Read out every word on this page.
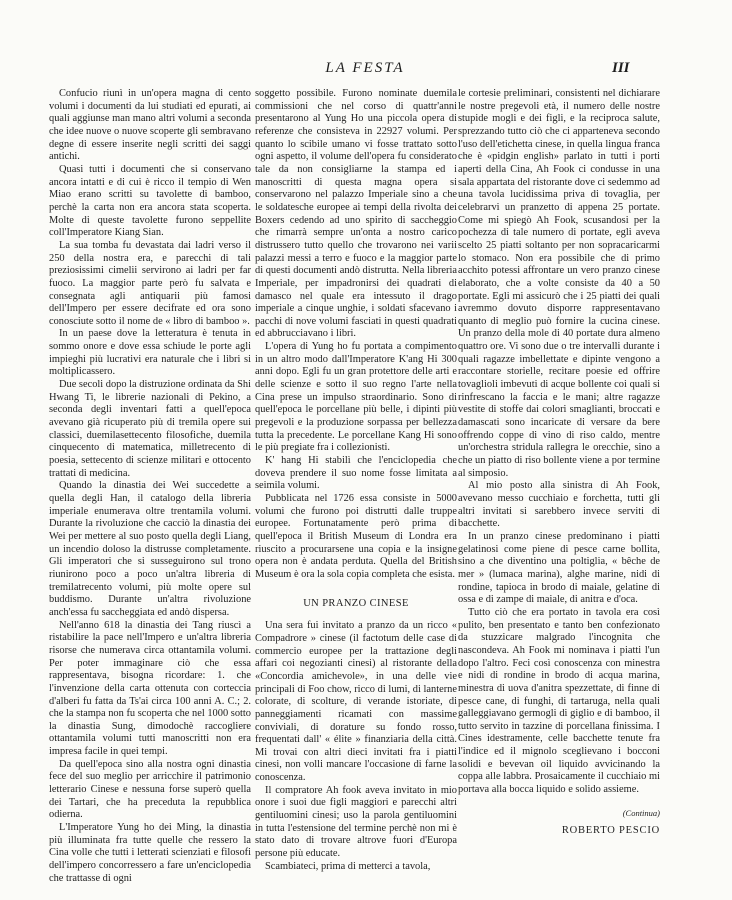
LA FESTA	III

Confucio riunì in un'opera magna di cento volumi i documenti da lui studiati ed epurati, ai quali aggiunse man mano altri volumi a seconda che idee nuove o nuove scoperte gli sembravano degne di essere inserite negli scritti dei saggi antichi.

Quasi tutti i documenti che si conservano ancora intatti e di cui è ricco il tempio di Wen Miao erano scritti su tavolette di bamboo, perchè la carta non era ancora stata scoperta. Molte di queste tavolette furono seppellite coll'Imperatore Kiang Sian.

La sua tomba fu devastata dai ladri verso il 250 della nostra era, e parecchi di tali preziosissimi cimelii servirono ai ladri per far fuoco. La maggior parte però fu salvata e consegnata agli antiquarii più famosi dell'Impero per essere decifrate ed ora sono conosciute sotto il nome de « libro di bamboo ».

In un paese dove la letteratura è tenuta in sommo onore e dove essa schiude le porte agli impieghi più lucrativi era naturale che i libri si moltiplicassero.

Due secoli dopo la distruzione ordinata da Shi Hwang Ti, le librerie nazionali di Pekino, a seconda degli inventari fatti a quell'epoca avevano già ricuperato più di tremila opere sui classici, duemilasettecento filosofiche, duemila cinquecento di matematica, milletrecento di poesia, settecento di scienze militari e ottocento trattati di medicina.

Quando la dinastia dei Wei succedette a quella degli Han, il catalogo della libreria imperiale enumerava oltre trentamila volumi. Durante la rivoluzione che cacciò la dinastia dei Wei per mettere al suo posto quella degli Liang, un incendio doloso la distrusse completamente. Gli imperatori che si susseguirono sul trono riunirono poco a poco un'altra libreria di tremilatrecento volumi, più molte opere sul buddismo. Durante un'altra rivoluzione anch'essa fu saccheggiata ed andò dispersa.

Nell'anno 618 la dinastia dei Tang riuscì a ristabilire la pace nell'Impero e un'altra libreria risorse che numerava circa ottantamila volumi. Per poter immaginare ciò che essa rappresentava, bisogna ricordare: 1. che l'invenzione della carta ottenuta con corteccia d'alberi fu fatta da Ts'ai circa 100 anni A. C.; 2. che la stampa non fu scoperta che nel 1000 sotto la dinastia Sung, dimodochè raccogliere ottantamila volumi tutti manoscritti non era impresa facile in quei tempi.

Da quell'epoca sino alla nostra ogni dinastia fece del suo meglio per arricchire il patrimonio letterario Cinese e nessuna forse superò quella dei Tartari, che ha preceduta la repubblica odierna.

L'Imperatore Yung ho dei Ming, la dinastia più illuminata fra tutte quelle che ressero la Cina volle che tutti i letterati scienziati e filosofi dell'impero concorressero a fare un'enciclopedia che trattasse di ogni

soggetto possibile. Furono nominate duemila commissioni che nel corso di quattr'anni presentarono al Yung Ho una piccola opera di referenze che consisteva in 22927 volumi. Per quanto lo scibile umano vi fosse trattato sotto ogni aspetto, il volume dell'opera fu considerato tale da non consigliarne la stampa ed i manoscritti di questa magna opera si conservarono nel palazzo Imperiale sino a che le soldatesche europee ai tempi della rivolta dei Boxers cedendo ad uno spirito di saccheggio che rimarrà sempre un'onta a nostro carico distrussero tutto quello che trovarono nei varii palazzi messi a terro e fuoco e la maggior parte di questi documenti andò distrutta. Nella libreria Imperiale, per impadronirsi dei quadrati di damasco nel quale era intessuto il drago imperiale a cinque unghie, i soldati sfacevano i pacchi di nove volumi fasciati in questi quadrati ed abbrucciavano i libri.

L'opera di Yung ho fu portata a compimento in un altro modo dall'Imperatore K'ang Hi 300 anni dopo. Egli fu un gran protettore delle arti e delle scienze e sotto il suo regno l'arte nella Cina prese un impulso straordinario. Sono di quell'epoca le porcellane più belle, i dipinti più pregevoli e la produzione sorpassa per bellezza tutta la precedente. Le porcellane Kang Hi sono le più pregiate fra i collezionisti.

K' hang Hi stabilì che l'enciclopedia che doveva prendere il suo nome fosse limitata a seimila volumi.

Pubblicata nel 1726 essa consiste in 5000 volumi che furono poi distrutti dalle truppe europee. Fortunatamente però prima di quell'epoca il British Museum di Londra era riuscito a procurarsene una copia e la insigne opera non è andata perduta. Quella del British Museum è ora la sola copia completa che esista.

UN PRANZO CINESE

Una sera fui invitato a pranzo da un ricco « Compadrore » cinese (il factotum delle case di commercio europee per la trattazione degli affari coi negozianti cinesi) al ristorante della «Concordia amichevole», in una delle vie principali di Foo chow, ricco di lumi, di lanterne colorate, di scolture, di verande istoriate, di panneggiamenti ricamati con massime conviviali, di dorature su fondo rosso, frequentati dall' « élite » finanziaria della città. Mi trovai con altri dieci invitati fra i piatti cinesi, non volli mancare l'occasione di farne la conoscenza.

Il compratore Ah fook aveva invitato in mio onore i suoi due figli maggiori e parecchi altri gentiluomini cinesi; uso la parola gentiluomini in tutta l'estensione del termine perchè non mi è stato dato di trovare altrove fuori d'Europa persone più educate.

Scambiateci, prima di metterci a tavola,

le cortesie preliminari, consistenti nel dichiarare le nostre pregevoli età, il numero delle nostre stupide mogli e dei figli, e la reciproca salute, sprezzando tutto ciò che ci apparteneva secondo l'uso dell'etichetta cinese, in quella lingua franca che è «pidgin english» parlato in tutti i porti aperti della Cina, Ah Fook ci condusse in una sala appartata del ristorante dove ci sedemmo ad una tavola lucidissima priva di tovaglia, per celebrarvi un pranzetto di appena 25 portate. Come mi spiegò Ah Fook, scusandosi per la pochezza di tale numero di portate, egli aveva scelto 25 piatti soltanto per non sopracaricarmi lo stomaco. Non era possibile che di primo acchito potessi affrontare un vero pranzo cinese elaborato, che a volte consiste da 40 a 50 portate. Egli mi assicurò che i 25 piatti dei quali avremmo dovuto disporre rappresentavano quanto di meglio può fornire la cucina cinese. Un pranzo della mole di 40 portate dura almeno quattro ore. Vi sono due o tre intervalli durante i quali ragazze imbellettate e dipinte vengono a raccontare storielle, recitare poesie ed offrire tovaglioli imbevuti di acque bollente coi quali si rinfrescano la faccia e le mani; altre ragazze vestite di stoffe dai colori smaglianti, broccati e damascati sono incaricate di versare da bere offrendo coppe di vino di riso caldo, mentre un'orchestra stridula rallegra le orecchie, sino a che un piatto di riso bollente viene a por termine al simposio.

Al mio posto alla sinistra di Ah Fook, avevano messo cucchiaio e forchetta, tutti gli altri invitati si sarebbero invece serviti di bacchette.

In un pranzo cinese predominano i piatti gelatinosi come piene di pesce carne bollita, sino a che diventino una poltiglia, « bêche de mer » (lumaca marina), alghe marine, nidi di rondine, tapioca in brodo di maiale, gelatine di ossa e di zampe di maiale, di anitra e d'oca.

Tutto ciò che era portato in tavola era così pulito, ben presentato e tanto ben confezionato da stuzzicare malgrado l'incognita che nascondeva. Ah Fook mi nominava i piatti l'un dopo l'altro. Feci così conoscenza con minestra e nidi di rondine in brodo di acqua marina, minestra di uova d'anitra spezzettate, di finne di pesce cane, di funghi, di tartaruga, nella quali galleggiavano germogli di giglio e di bamboo, il tutto servito in tazzine di porcellana finissima. I Cines idestramente, celle bacchette tenute fra l'indice ed il mignolo sceglievano i bocconi solidi e bevevan oil liquido avvicinando la coppa alle labbra. Prosaicamente il cucchiaio mi portava alla bocca liquido e solido assieme.

(Continua)
ROBERTO PESCIO
